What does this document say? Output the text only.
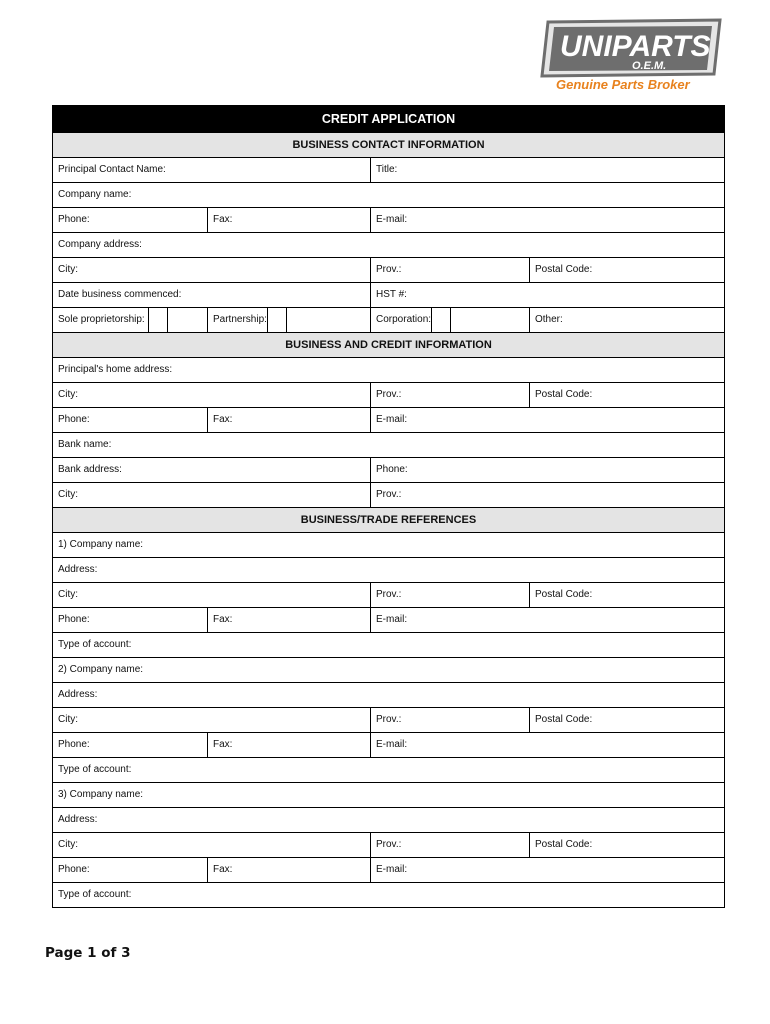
UNIPARTS
O.E.M.
Genuine Parts Broker
CREDIT APPLICATION
BUSINESS CONTACT INFORMATION
Principal Contact Name:	Title:
Company name:
Phone:	Fax:	E-mail:
Company address:
City:	Prov.:	Postal Code:
Date business commenced:	HST #:
Sole proprietorship:	Partnership:	Corporation:	Other:
BUSINESS AND CREDIT INFORMATION
Principal's home address:
City:	Prov.:	Postal Code:
Phone:	Fax:	E-mail:
Bank name:
Bank address:	Phone:
City:	Prov.:
BUSINESS/TRADE REFERENCES
1) Company name:
Address:
City:	Prov.:	Postal Code:
Phone:	Fax:	E-mail:
Type of account:
2) Company name:
Address:
City:	Prov.:	Postal Code:
Phone:	Fax:	E-mail:
Type of account:
3) Company name:
Address:
City:	Prov.:	Postal Code:
Phone:	Fax:	E-mail:
Type of account:
Page 1 of 3
